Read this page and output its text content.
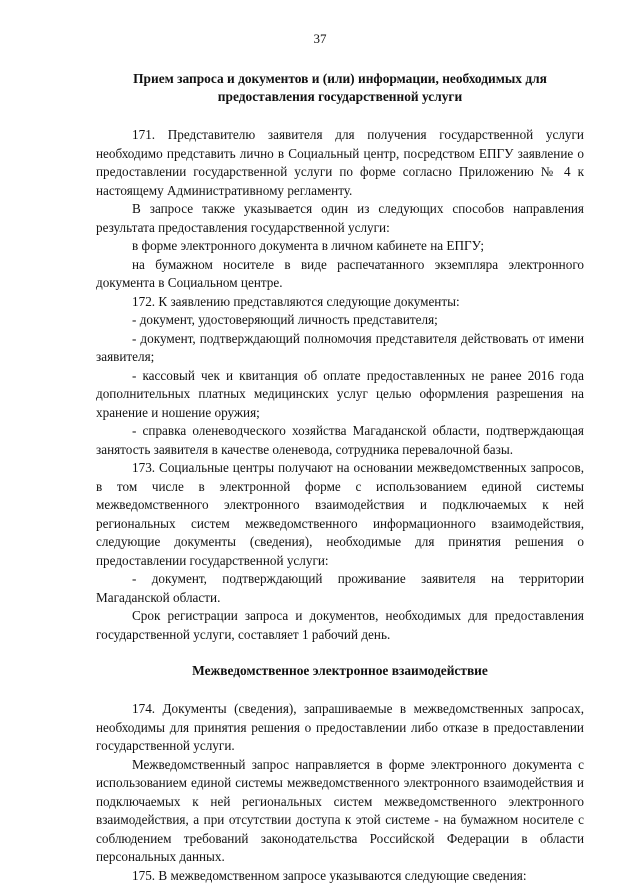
37
Прием запроса и документов и (или) информации, необходимых для предоставления государственной услуги

171. Представителю заявителя для получения государственной услуги необходимо представить лично в Социальный центр, посредством ЕПГУ заявление о предоставлении государственной услуги по форме согласно Приложению № 4 к настоящему Административному регламенту.

В запросе также указывается один из следующих способов направления результата предоставления государственной услуги:

в форме электронного документа в личном кабинете на ЕПГУ;

на бумажном носителе в виде распечатанного экземпляра электронного документа в Социальном центре.

172. К заявлению представляются следующие документы:

- документ, удостоверяющий личность представителя;

- документ, подтверждающий полномочия представителя действовать от имени заявителя;

- кассовый чек и квитанция об оплате предоставленных не ранее 2016 года дополнительных платных медицинских услуг целью оформления разрешения на хранение и ношение оружия;

- справка оленеводческого хозяйства Магаданской области, подтверждающая занятость заявителя в качестве оленевода, сотрудника перевалочной базы.

173. Социальные центры получают на основании межведомственных запросов, в том числе в электронной форме с использованием единой системы межведомственного электронного взаимодействия и подключаемых к ней региональных систем межведомственного информационного взаимодействия, следующие документы (сведения), необходимые для принятия решения о предоставлении государственной услуги:

- документ, подтверждающий проживание заявителя на территории Магаданской области.

Срок регистрации запроса и документов, необходимых для предоставления государственной услуги, составляет 1 рабочий день.

Межведомственное электронное взаимодействие

174. Документы (сведения), запрашиваемые в межведомственных запросах, необходимы для принятия решения о предоставлении либо отказе в предоставлении государственной услуги.

Межведомственный запрос направляется в форме электронного документа с использованием единой системы межведомственного электронного взаимодействия и подключаемых к ней региональных систем межведомственного электронного взаимодействия, а при отсутствии доступа к этой системе - на бумажном носителе с соблюдением требований законодательства Российской Федерации в области персональных данных.

175. В межведомственном запросе указываются следующие сведения:
